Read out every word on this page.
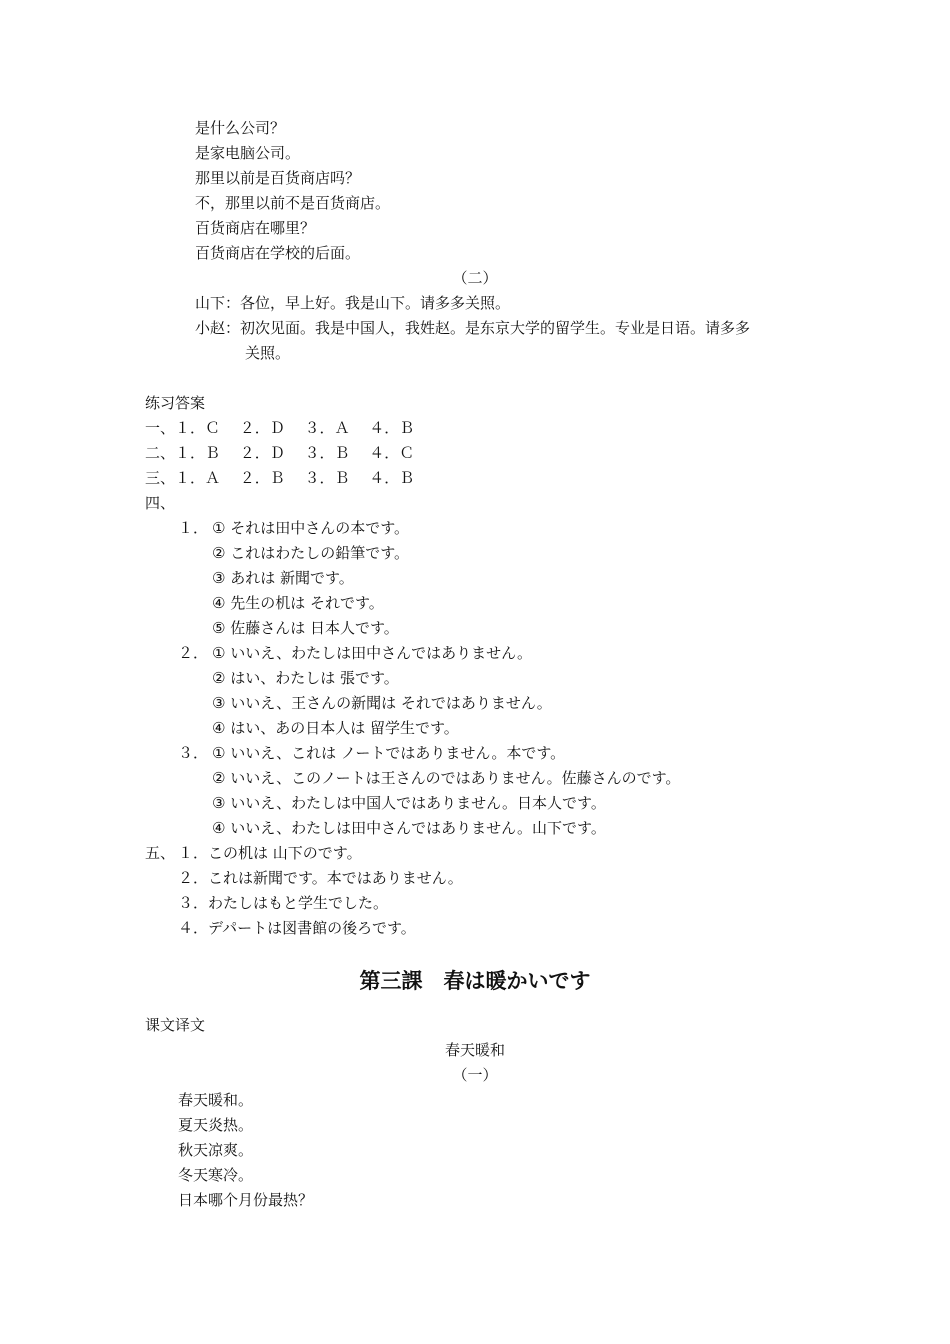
是什么公司？
是家电脑公司。
那里以前是百货商店吗？
不，那里以前不是百货商店。
百货商店在哪里？
百货商店在学校的后面。
（二）
山下：各位，早上好。我是山下。请多多关照。
小赵：初次见面。我是中国人，我姓赵。是东京大学的留学生。专业是日语。请多多
关照。
练习答案
一、１．Ｃ　 ２．Ｄ　 ３．Ａ　 ４．Ｂ
二、１．Ｂ　 ２．Ｄ　 ３．Ｂ　 ４．Ｃ
三、１．Ａ　 ２．Ｂ　 ３．Ｂ　 ４．Ｂ
四、
１． ① それは田中さんの本です。
② これはわたしの鉛筆です。
③ あれは 新聞です。
④ 先生の机は それです。
⑤ 佐藤さんは 日本人です。
２． ① いいえ、わたしは田中さんではありません。
② はい、わたしは 張です。
③ いいえ、王さんの新聞は それではありません。
④ はい、あの日本人は 留学生です。
３． ① いいえ、これは ノートではありません。本です。
② いいえ、このノートは王さんのではありません。佐藤さんのです。
③ いいえ、わたしは中国人ではありません。日本人です。
④ いいえ、わたしは田中さんではありません。山下です。
五、 １．この机は 山下のです。
２．これは新聞です。本ではありません。
３．わたしはもと学生でした。
４．デパートは図書館の後ろです。
第三課　春は暖かいです
课文译文
春天暖和
（一）
春天暖和。
夏天炎热。
秋天凉爽。
冬天寒冷。
日本哪个月份最热？
